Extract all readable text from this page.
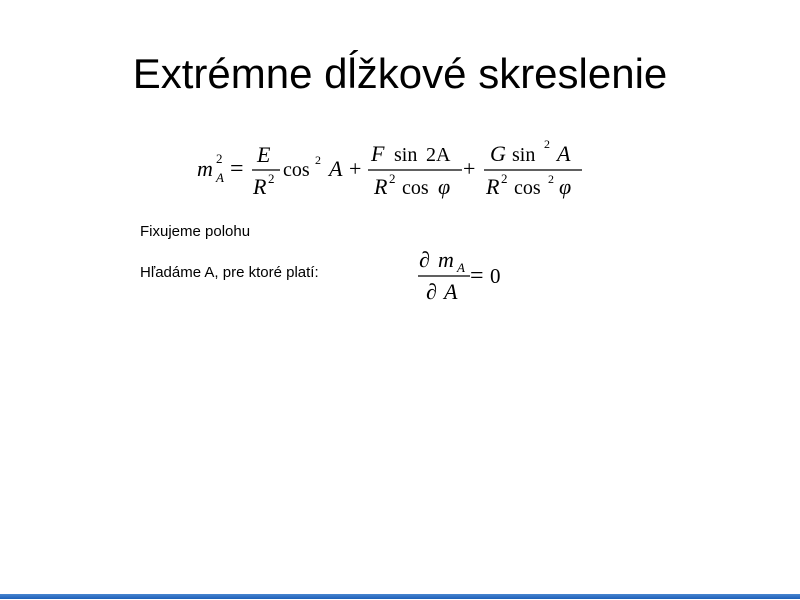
Extrémne dĺžkové skreslenie
m 2
A =
E
R 2 cos 2 A +
F sin 2A
R 2 cos φ
+
G sin 2 A
R 2 cos 2 φ
Fixujeme polohu
Hľadáme A, pre ktoré platí:
∂ m A
∂ A
= 0
